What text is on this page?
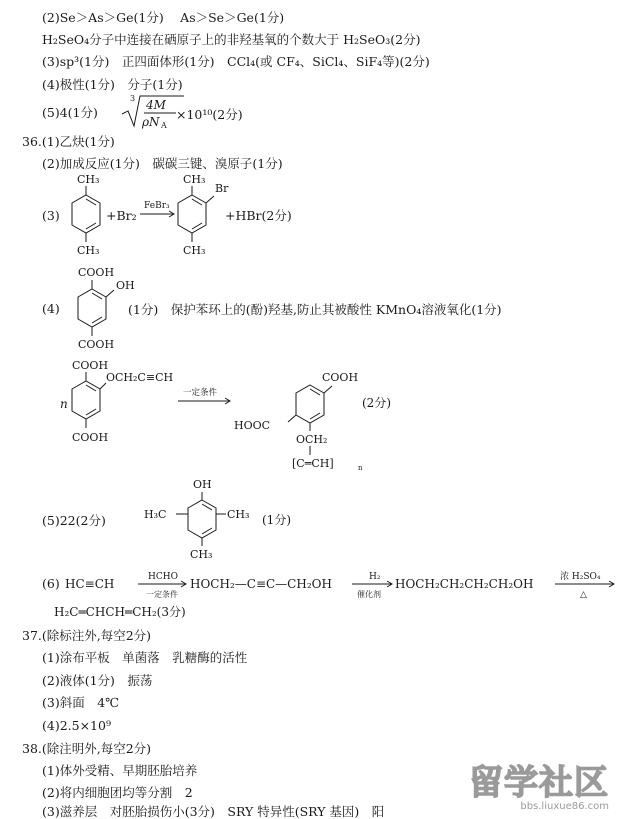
(2)Se＞As＞Ge(1分)　 As＞Se＞Ge(1分)
H₂SeO₄分子中连接在硒原子上的非羟基氧的个数大于 H₂SeO₃(2分)
(3)sp³(1分)　正四面体形(1分)　CCl₄(或 CF₄、SiCl₄、SiF₄等)(2分)
(4)极性(1分)　分子(1分)
(5)4(1分)
3 4M
ρN A
×10¹⁰(2分)
36.(1)乙炔(1分)
(2)加成反应(1分)　碳碳三键、溴原子(1分)
(3)
CH₃
CH₃
+Br₂
FeBr₃
CH₃
Br
CH₃
+HBr(2分)
(4)
COOH
OH
COOH
(1分)　保护苯环上的(酚)羟基,防止其被酸性 KMnO₄溶液氧化(1分)
n
COOH
OCH₂C≡CH
COOH
一定条件
COOH
HOOC
OCH₂
[C═CH]	n
(2分)
(5)22(2分)
OH
H₃C	CH₃
CH₃
(1分)
(6) HC≡CH	HCHO
一定条件
HOCH₂—C≡C—CH₂OH	H₂
催化剂
HOCH₂CH₂CH₂CH₂OH	浓 H₂SO₄
△
H₂C═CHCH═CH₂(3分)
37.(除标注外,每空2分)
(1)涂布平板　单菌落　乳糖酶的活性
(2)液体(1分)　振荡
(3)斜面　4℃
(4)2.5×10⁹
38.(除注明外,每空2分)
(1)体外受精、早期胚胎培养
(2)将内细胞团均等分割　2
(3)滋养层　对胚胎损伤小(3分)　SRY 特异性(SRY 基因)　阳
留学社区
bbs.liuxue86.com
